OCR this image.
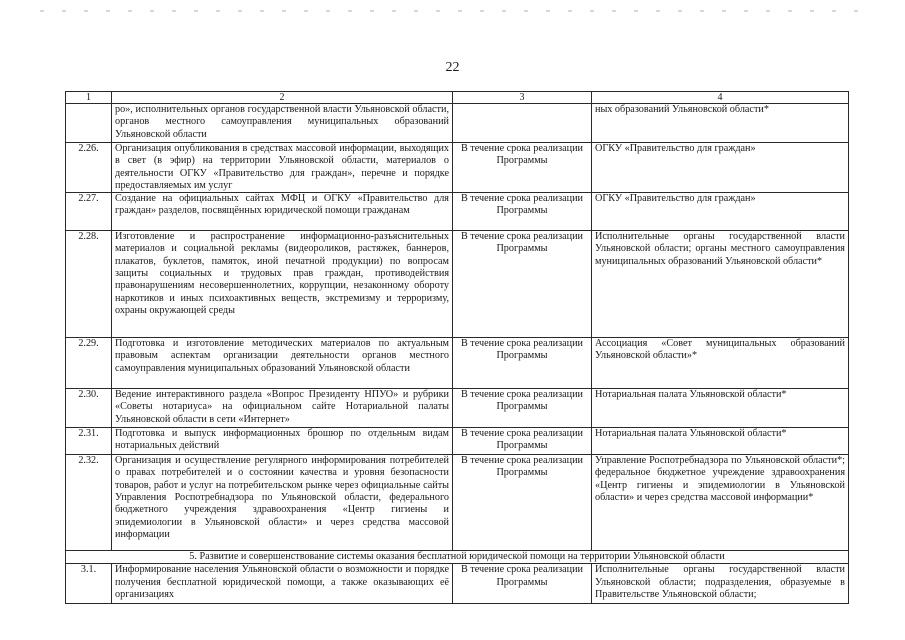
22
1	2	3	4
	ро», исполнительных органов государственной власти Ульяновской области, органов местного самоуправления муниципальных образований Ульяновской области		ных образований Ульяновской области*
2.26.	Организация опубликования в средствах массовой информации, выходящих в свет (в эфир) на территории Ульяновской области, материалов о деятельности ОГКУ «Правительство для граждан», перечне и порядке предоставляемых им услуг	В течение срока реализации Программы	ОГКУ «Правительство для граждан»
2.27.	Создание на официальных сайтах МФЦ и ОГКУ «Правительство для граждан» разделов, посвящённых юридической помощи гражданам	В течение срока реализации Программы	ОГКУ «Правительство для граждан»
2.28.	Изготовление и распространение информационно-разъяснительных материалов и социальной рекламы (видеороликов, растяжек, баннеров, плакатов, буклетов, памяток, иной печатной продукции) по вопросам защиты социальных и трудовых прав граждан, противодействия правонарушениям несовершеннолетних, коррупции, незаконному обороту наркотиков и иных психоактивных веществ, экстремизму и терроризму, охраны окружающей среды	В течение срока реализации Программы	Исполнительные органы государственной власти Ульяновской области; органы местного самоуправления муниципальных образований Ульяновской области*
2.29.	Подготовка и изготовление методических материалов по актуальным правовым аспектам организации деятельности органов местного самоуправления муниципальных образований Ульяновской области	В течение срока реализации Программы	Ассоциация «Совет муниципальных образований Ульяновской области»*
2.30.	Ведение интерактивного раздела «Вопрос Президенту НПУО» и рубрики «Советы нотариуса» на официальном сайте Нотариальной палаты Ульяновской области в сети «Интернет»	В течение срока реализации Программы	Нотариальная палата Ульяновской области*
2.31.	Подготовка и выпуск информационных брошюр по отдельным видам нотариальных действий	В течение срока реализации Программы	Нотариальная палата Ульяновской области*
2.32.	Организация и осуществление регулярного информирования потребителей о правах потребителей и о состоянии качества и уровня безопасности товаров, работ и услуг на потребительском рынке через официальные сайты Управления Роспотребнадзора по Ульяновской области, федерального бюджетного учреждения здравоохранения «Центр гигиены и эпидемиологии в Ульяновской области» и через средства массовой информации	В течение срока реализации Программы	Управление Роспотребнадзора по Ульяновской области*; федеральное бюджетное учреждение здравоохранения «Центр гигиены и эпидемиологии в Ульяновской области» и через средства массовой информации*
5. Развитие и совершенствование системы оказания бесплатной юридической помощи на территории Ульяновской области			
3.1.	Информирование населения Ульяновской области о возможности и порядке получения бесплатной юридической помощи, а также оказывающих её организациях	В течение срока реализации Программы	Исполнительные органы государственной власти Ульяновской области; подразделения, образуемые в Правительстве Ульяновской области;
